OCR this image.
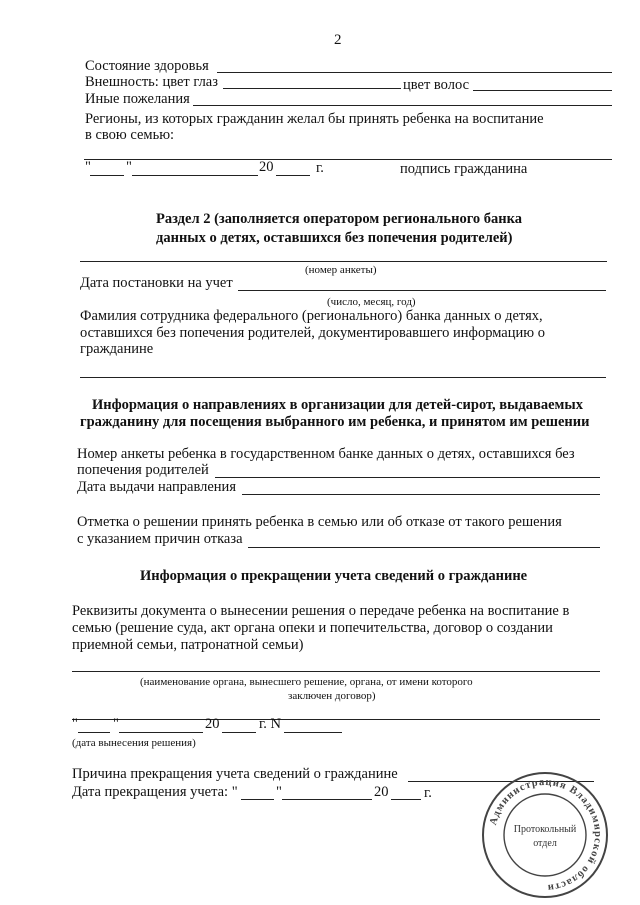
2
Состояние здоровья
Внешность: цвет глаз	цвет волос
Иные пожелания
Регионы, из которых гражданин желал бы принять ребенка на воспитание
в свою семью:
" "	20	г.	подпись гражданина
Раздел 2 (заполняется оператором регионального банка
данных о детях, оставшихся без попечения родителей)
(номер анкеты)
Дата постановки на учет
(число, месяц, год)
Фамилия сотрудника федерального (регионального) банка данных о детях,
оставшихся без попечения родителей, документировавшего информацию о
гражданине
Информация о направлениях в организации для детей-сирот, выдаваемых
гражданину для посещения выбранного им ребенка, и принятом им решении
Номер анкеты ребенка в государственном банке данных о детях, оставшихся без
попечения родителей
Дата выдачи направления
Отметка о решении принять ребенка в семью или об отказе от такого решения
с указанием причин отказа
Информация о прекращении учета сведений о гражданине
Реквизиты документа о вынесении решения о передаче ребенка на воспитание в
семью (решение суда, акт органа опеки и попечительства, договор о создании
приемной семьи, патронатной семьи)
(наименование органа, вынесшего решение, органа, от имени которого
заключен договор)
" "	20	г. N
(дата вынесения решения)
Причина прекращения учета сведений о гражданине
Дата прекращения учета: "	"	20 г.
Администрация Владимирской области
Протокольный
отдел
